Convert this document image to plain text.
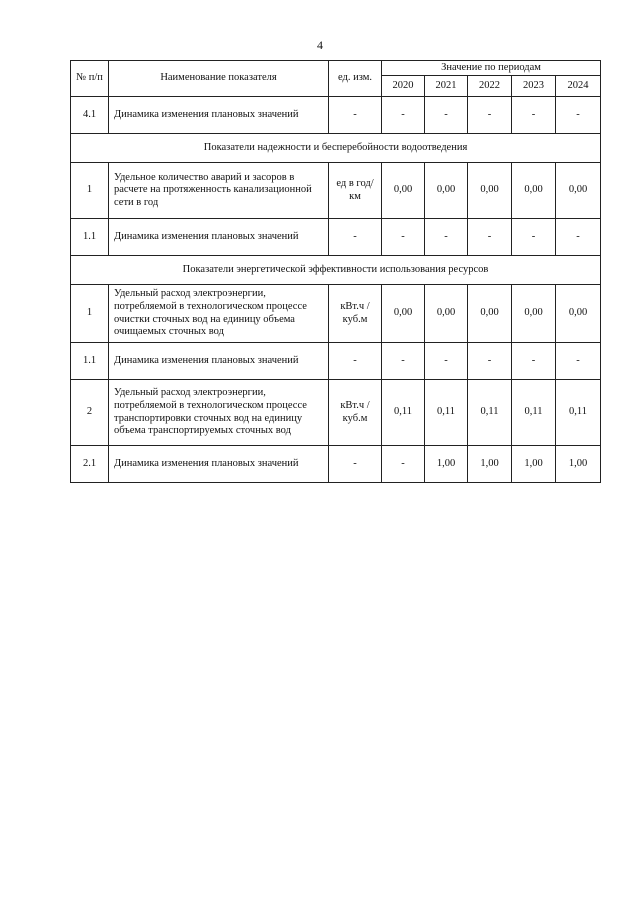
4
№ п/п	Наименование показателя	ед. изм.	Значение по периодам				
			2020	2021	2022	2023	2024
4.1	Динамика изменения плановых значений	-	-	-	-	-	-
Показатели надежности и бесперебойности водоотведения							
1	Удельное количество аварий и засоров в расчете на протяженность канализационной сети в год	ед в год/ км	0,00	0,00	0,00	0,00	0,00
1.1	Динамика изменения плановых значений	-	-	-	-	-	-
Показатели энергетической эффективности использования ресурсов							
1	Удельный расход электроэнергии, потребляемой в технологическом процессе очистки сточных вод на единицу объема очищаемых сточных вод	кВт.ч / куб.м	0,00	0,00	0,00	0,00	0,00
1.1	Динамика изменения плановых значений	-	-	-	-	-	-
2	Удельный расход электроэнергии, потребляемой в технологическом процессе транспортировки сточных вод на единицу объема транспортируемых сточных вод	кВт.ч / куб.м	0,11	0,11	0,11	0,11	0,11
2.1	Динамика изменения плановых значений	-	-	1,00	1,00	1,00	1,00
